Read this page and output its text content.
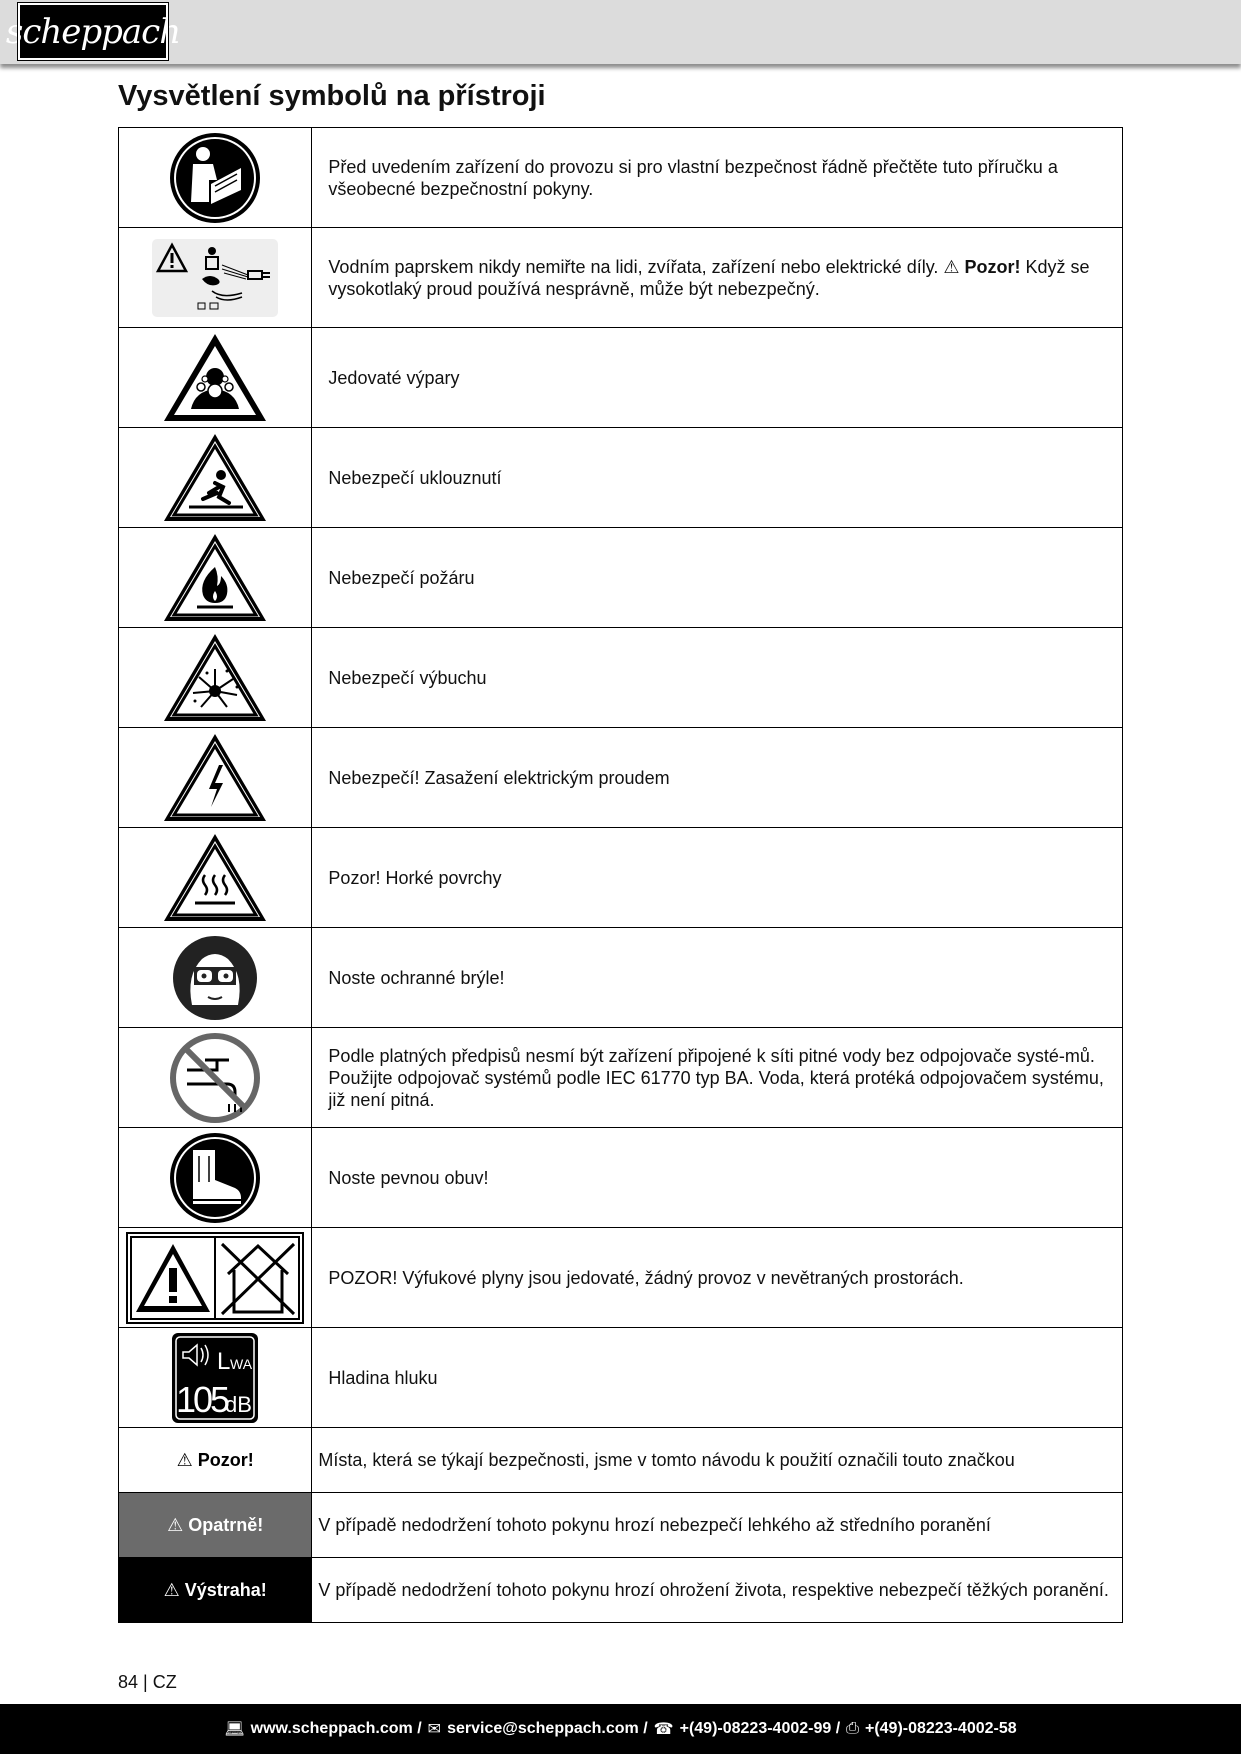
scheppach
Vysvětlení symbolů na přístroji
	Před uvedením zařízení do provozu si pro vlastní bezpečnost řádně přečtěte tuto příručku a všeobecné bezpečnostní pokyny.

	Vodním paprskem nikdy nemiřte na lidi, zvířata, zařízení nebo elektrické díly. ⚠ Pozor! Když se vysokotlaký proud používá nesprávně, může být nebezpečný.

	Jedovaté výpary

	Nebezpečí uklouznutí

	Nebezpečí požáru

	Nebezpečí výbuchu

	Nebezpečí! Zasažení elektrickým proudem

	Pozor! Horké povrchy

	Noste ochranné brýle!

	Podle platných předpisů nesmí být zařízení připojené k síti pitné vody bez odpojovače systé-mů. Použijte odpojovač systémů podle IEC 61770 typ BA. Voda, která protéká odpojovačem systému, již není pitná.

	Noste pevnou obuv!

	POZOR! Výfukové plyny jsou jedovaté, žádný provoz v nevětraných prostorách.

L WA
105
dB	Hladina hluku
⚠ Pozor!	Místa, která se týkají bezpečnosti, jsme v tomto návodu k použití označili touto značkou
⚠ Opatrně!	V případě nedodržení tohoto pokynu hrozí nebezpečí lehkého až středního poranění
⚠ Výstraha!	V případě nedodržení tohoto pokynu hrozí ohrožení života, respektive nebezpečí těžkých poranění.
84 | CZ
💻︎ www.scheppach.com / ✉ service@scheppach.com / ☎ +(49)-08223-4002-99 / ⎙ +(49)-08223-4002-58
